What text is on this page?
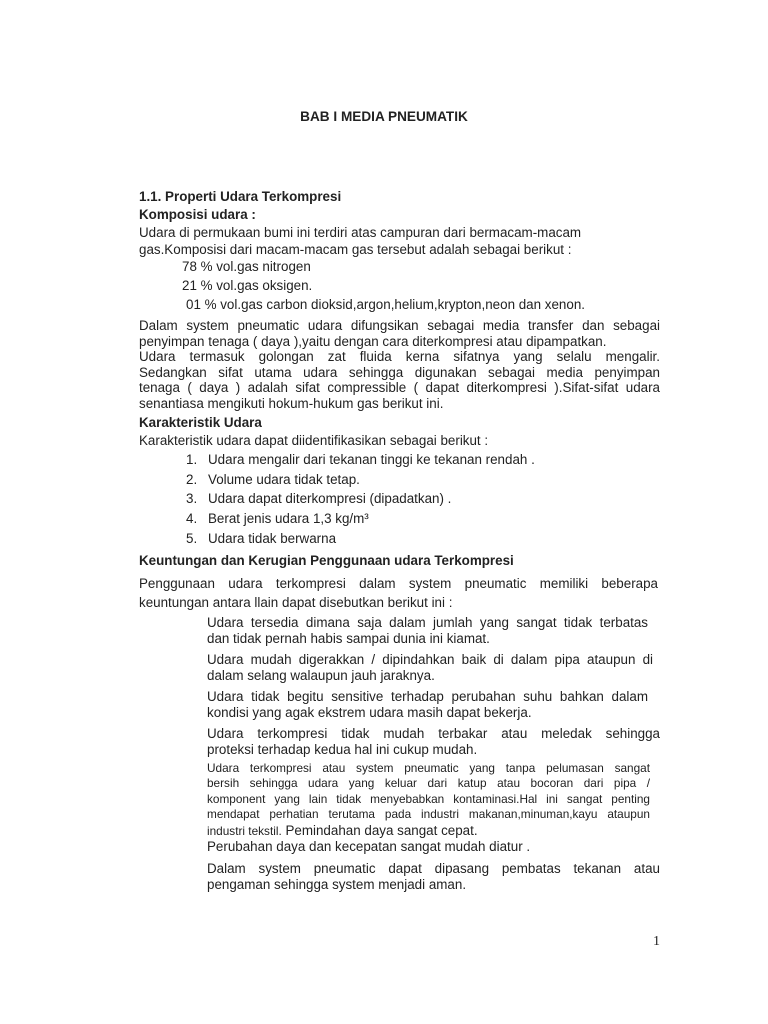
BAB I MEDIA PNEUMATIK
1.1. Properti Udara Terkompresi
Komposisi udara :
Udara di permukaan bumi ini terdiri atas campuran dari bermacam-macam
gas.Komposisi dari macam-macam gas tersebut adalah sebagai berikut :
78 % vol.gas nitrogen
21 % vol.gas oksigen.
01 % vol.gas carbon dioksid,argon,helium,krypton,neon dan xenon.
Dalam system pneumatic udara difungsikan sebagai media transfer dan sebagai
penyimpan tenaga ( daya ),yaitu dengan cara diterkompresi atau dipampatkan.
Udara termasuk golongan zat fluida kerna sifatnya yang selalu mengalir.
Sedangkan sifat utama udara sehingga digunakan sebagai media penyimpan
tenaga ( daya ) adalah sifat compressible ( dapat diterkompresi ).Sifat-sifat udara
senantiasa mengikuti hokum-hukum gas berikut ini.
Karakteristik Udara
Karakteristik udara dapat diidentifikasikan sebagai berikut :
1. Udara mengalir dari tekanan tinggi ke tekanan rendah .
2. Volume udara tidak tetap.
3. Udara dapat diterkompresi (dipadatkan) .
4. Berat jenis udara 1,3 kg/m³
5. Udara tidak berwarna
Keuntungan dan Kerugian Penggunaan udara Terkompresi
Penggunaan udara terkompresi dalam system pneumatic memiliki beberapa
keuntungan antara llain dapat disebutkan berikut ini :
Udara tersedia dimana saja dalam jumlah yang sangat tidak terbatas
dan tidak pernah habis sampai dunia ini kiamat.
Udara mudah digerakkan / dipindahkan baik di dalam pipa ataupun di
dalam selang walaupun jauh jaraknya.
Udara tidak begitu sensitive terhadap perubahan suhu bahkan dalam
kondisi yang agak ekstrem udara masih dapat bekerja.
Udara terkompresi tidak mudah terbakar atau meledak sehingga
proteksi terhadap kedua hal ini cukup mudah.
Udara terkompresi atau system pneumatic yang tanpa pelumasan sangat
bersih sehingga udara yang keluar dari katup atau bocoran dari pipa /
komponent yang lain tidak menyebabkan kontaminasi.Hal ini sangat penting
mendapat perhatian terutama pada industri makanan,minuman,kayu ataupun
industri tekstil. Pemindahan daya sangat cepat.
Perubahan daya dan kecepatan sangat mudah diatur .
Dalam system pneumatic dapat dipasang pembatas tekanan atau
pengaman sehingga system menjadi aman.
1
